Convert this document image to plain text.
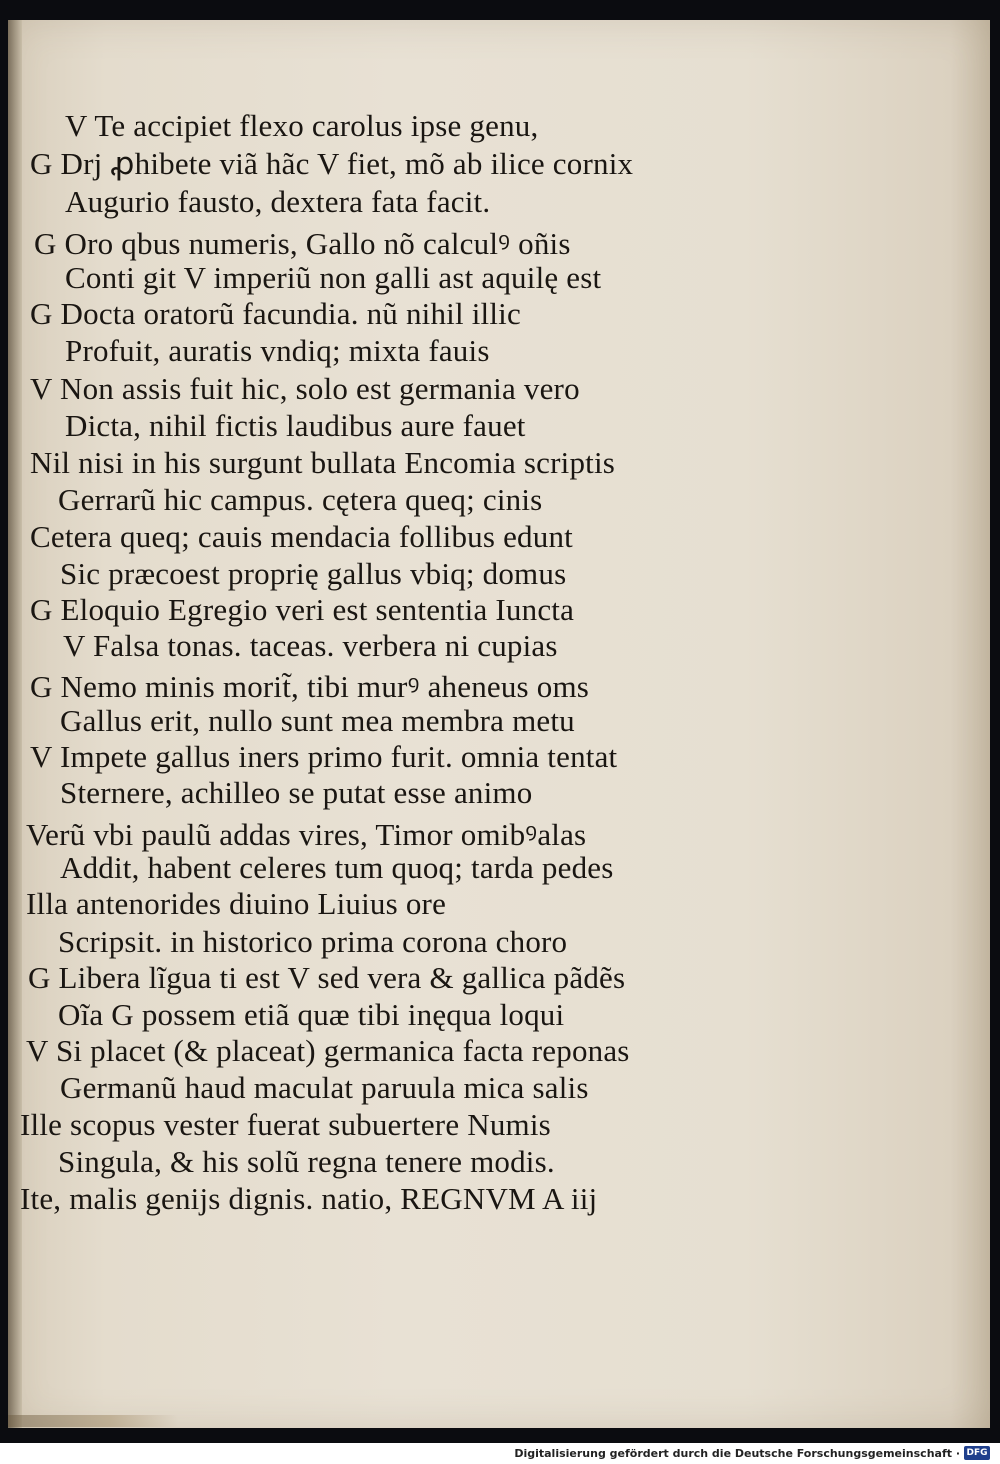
V Te accipiet flexo carolus ipse genu,
G Drj ꝓhibete viã hãc V fiet, mõ ab ilice cornix
Augurio fausto, dextera fata facit.
G Oro qbus numeris, Gallo nõ calculꝰ oñis
Conti git V imperiũ non galli ast aquilę est
G Docta oratorũ facundia. nũ nihil illic
Profuit, auratis vndiq; mixta fauis
V Non assis fuit hic, solo est germania vero
Dicta, nihil fictis laudibus aure fauet
Nil nisi in his surgunt bullata Encomia scriptis
Gerrarũ hic campus. cętera queq; cinis
Cetera queq; cauis mendacia follibus edunt
Sic præcoest proprię gallus vbiq; domus
G Eloquio Egregio veri est sententia Iuncta
V Falsa tonas. taceas. verbera ni cupias
G Nemo minis morit̃, tibi murꝰ aheneus oms
Gallus erit, nullo sunt mea membra metu
V Impete gallus iners primo furit. omnia tentat
Sternere, achilleo se putat esse animo
Verũ vbi paulũ addas vires, Timor omibꝰalas
Addit, habent celeres tum quoq; tarda pedes
Illa antenorides diuino Liuius ore
Scripsit. in historico prima corona choro
G Libera lĩgua ti est V sed vera & gallica pãdẽs
Oĩa G possem etiã quæ tibi inęqua loqui
V Si placet (& placeat) germanica facta reponas
Germanũ haud maculat paruula mica salis
Ille scopus vester fuerat subuertere Numis
Singula, & his solũ regna tenere modis.
Ite, malis genijs dignis. natio, REGNVM A iij
Digitalisierung gefördert durch die Deutsche Forschungsgemeinschaft · DFG
